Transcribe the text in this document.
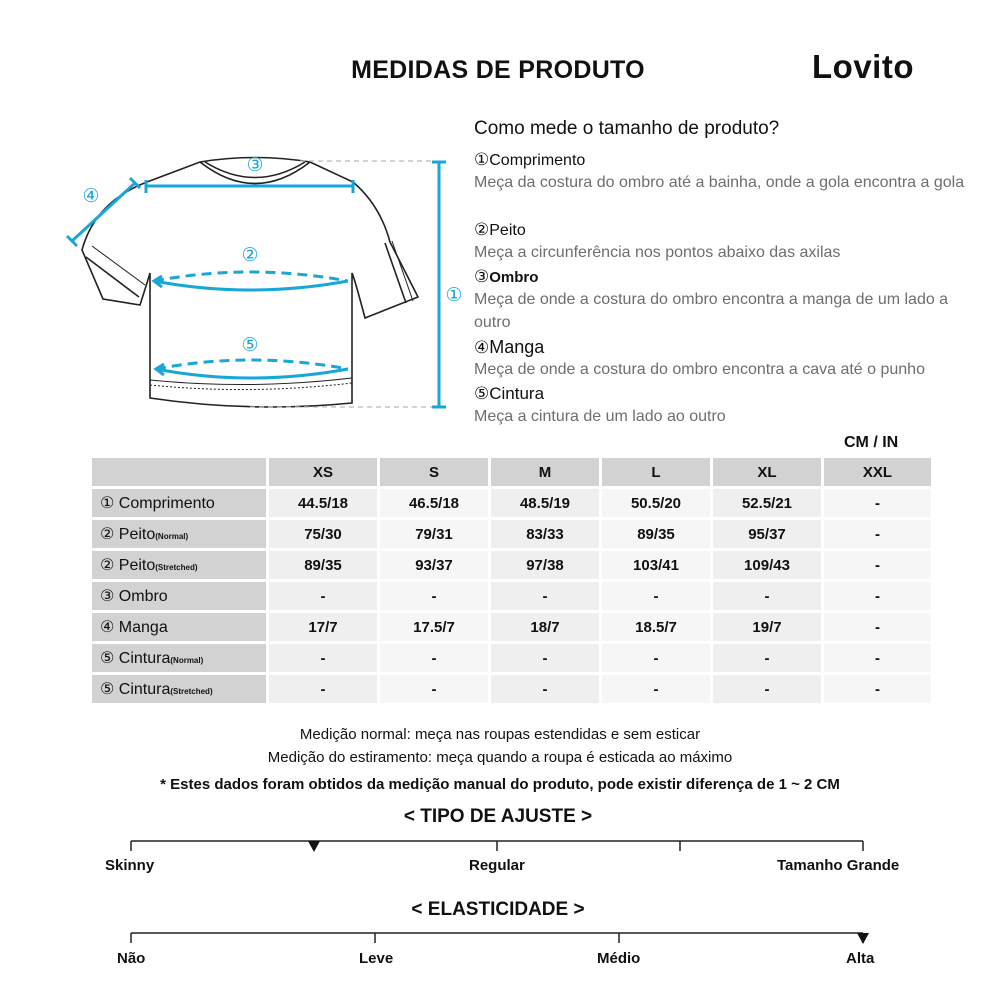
MEDIDAS DE PRODUTO	Lovito
③
④
②
①
⑤
Como mede o tamanho de produto?
①Comprimento
Meça da costura do ombro até a bainha, onde a gola encontra a gola
②Peito
Meça a circunferência nos pontos abaixo das axilas
③Ombro
Meça de onde a costura do ombro encontra a manga de um lado a outro
④Manga
Meça de onde a costura do ombro encontra a cava até o punho
⑤Cintura
Meça a cintura de um lado ao outro
CM / IN
	XS	S	M	L	XL	XXL
① Comprimento	44.5/18	46.5/18	48.5/19	50.5/20	52.5/21	-
② Peito(Normal)	75/30	79/31	83/33	89/35	95/37	-
② Peito(Stretched)	89/35	93/37	97/38	103/41	109/43	-
③ Ombro	-	-	-	-	-	-
④ Manga	17/7	17.5/7	18/7	18.5/7	19/7	-
⑤ Cintura(Normal)	-	-	-	-	-	-
⑤ Cintura(Stretched)	-	-	-	-	-	-
Medição normal: meça nas roupas estendidas e sem esticar
Medição do estiramento: meça quando a roupa é esticada ao máximo
* Estes dados foram obtidos da medição manual do produto, pode existir diferença de 1 ~ 2 CM
< TIPO DE AJUSTE >
Skinny	Regular	Tamanho Grande
< ELASTICIDADE >
Não	Leve	Médio	Alta
